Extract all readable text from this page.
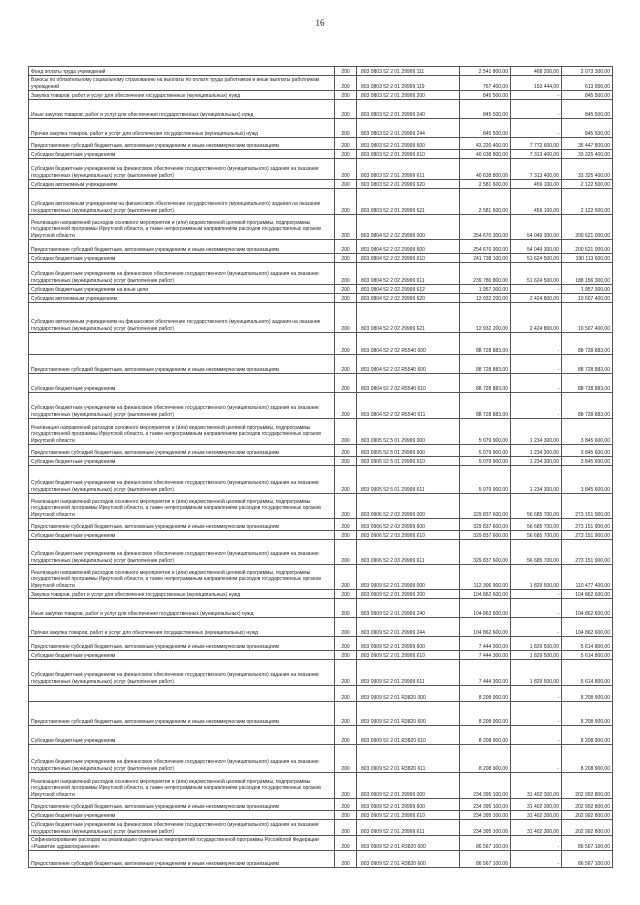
16
Фонд оплаты труда учреждений	200	803 0803 52 2 01 29999 111	2 541 800,00	468 200,00	2 073 300,00
Взносы по обязательному социальному страхованию на выплаты по оплате труда работников и иные выплаты работникам учреждений	200	803 0803 52 2 01 29999 119	767 400,00	153 444,00	613 956,00
Закупка товаров, работ и услуг для обеспечения государственных (муниципальных) нужд	200	803 0803 52 2 01 29999 200	845 500,00	-	845 500,00
Иные закупки товаров, работ и услуг для обеспечения государственных (муниципальных) нужд	200	803 0803 52 2 01 29999 240	845 500,00	-	845 500,00
Прочая закупка товаров, работ и услуг для обеспечения государственных (муниципальных) нужд	200	803 0803 52 2 01 29999 244	845 500,00	-	845 500,00
Предоставление субсидий бюджетным, автономным учреждениям и иным некоммерческим организациям	200	803 0803 52 2 01 29999 600	43 220 400,00	7 772 600,00	35 447 800,00
Субсидии бюджетным учреждениям	200	803 0803 52 2 01 29999 610	40 638 800,00	7 313 400,00	33 325 400,00
Субсидии бюджетным учреждениям на финансовое обеспечение государственного (муниципального) задания на оказание государственных (муниципальных) услуг (выполнение работ)	200	803 0803 52 2 01 29999 611	40 638 800,00	7 313 400,00	33 325 400,00
Субсидии автономным учреждениям	200	803 0803 52 2 01 29999 620	2 581 600,00	459 100,00	2 122 500,00
Субсидии автономным учреждениям на финансовое обеспечение государственного (муниципального) задания на оказание государственных (муниципальных) услуг (выполнение работ)	200	803 0803 52 2 01 29999 621	2 581 600,00	459 100,00	2 122 500,00
Реализация направлений расходов основного мероприятия и (или) ведомственной целевой программы, подпрограммы государственной программы Иркутской области, а также непрограммным направлениям расходов государственных органов Иркутской области	200	803 0804 52 2 02 29999 000	254 670 300,00	54 049 300,00	200 621 000,00
Предоставление субсидий бюджетным, автономным учреждениям и иным некоммерческим организациям	200	803 0804 52 2 02 29999 600	254 670 300,00	54 049 300,00	200 621 000,00
Субсидии бюджетным учреждениям	200	803 0804 52 2 02 29999 610	241 738 100,00	51 624 500,00	190 113 600,00
Субсидии бюджетным учреждениям на финансовое обеспечение государственного (муниципального) задания на оказание государственных (муниципальных) услуг (выполнение работ)	200	803 0804 52 2 02 29999 611	239 780 800,00	51 624 500,00	188 156 300,00
Субсидии бюджетным учреждениям на иные цели	200	803 0804 52 2 02 29999 612	1 957 300,00	-	1 957 300,00
Субсидии автономным учреждениям	200	803 0804 52 2 02 29999 620	12 932 200,00	2 424 800,00	10 507 400,00
Субсидии автономным учреждениям на финансовое обеспечение государственного (муниципального) задания на оказание государственных (муниципальных) услуг (выполнение работ)	200	803 0804 52 2 02 29999 621	12 932 200,00	2 424 800,00	10 507 400,00
	200	803 0804 52 2 02 R5540 000	88 728 883,00	-	88 728 883,00
Предоставление субсидий бюджетным, автономным учреждениям и иным некоммерческим организациям	200	803 0804 52 2 02 R5540 600	88 728 883,00	-	88 728 883,00
Субсидии бюджетным учреждениям	200	803 0804 52 2 02 R5540 610	88 728 883,00	-	88 728 883,00
Субсидии бюджетным учреждениям на финансовое обеспечение государственного (муниципального) задания на оказание государственных (муниципальных) услуг (выполнение работ)	200	803 0804 52 2 02 R5540 611	88 728 883,00	-	88 728 883,00
Реализация направлений расходов основного мероприятия и (или) ведомственной целевой программы, подпрограммы государственной программы Иркутской области, а также непрограммным направлениям расходов государственных органов Иркутской области	200	803 0905 52 5 01 29999 000	5 079 900,00	1 234 300,00	3 845 600,00
Предоставление субсидий бюджетным, автономным учреждениям и иным некоммерческим организациям	200	803 0905 52 5 01 29999 600	5 079 900,00	1 234 300,00	3 845 600,00
Субсидии бюджетным учреждениям	200	803 0905 52 5 01 29999 610	5 079 900,00	1 234 300,00	3 845 600,00
Субсидии бюджетным учреждениям на финансовое обеспечение государственного (муниципального) задания на оказание государственных (муниципальных) услуг (выполнение работ)	200	803 0905 52 5 01 29999 611	5 079 900,00	1 234 300,00	3 845 600,00
Реализация направлений расходов основного мероприятия и (или) ведомственной целевой программы, подпрограммы государственной программы Иркутской области, а также непрограммным направлениям расходов государственных органов Иркутской области	200	803 0906 52 2 03 29999 000	329 837 600,00	56 685 700,00	273 151 900,00
Предоставление субсидий бюджетным, автономным учреждениям и иным некоммерческим организациям	200	803 0906 52 2 03 29999 600	329 837 600,00	56 685 700,00	273 151 900,00
Субсидии бюджетным учреждениям	200	803 0906 52 2 03 29999 610	329 837 600,00	56 685 700,00	273 151 900,00
Субсидии бюджетным учреждениям на финансовое обеспечение государственного (муниципального) задания на оказание государственных (муниципальных) услуг (выполнение работ)	200	803 0906 52 2 03 29999 611	329 837 600,00	56 685 700,00	273 151 900,00
Реализация направлений расходов основного мероприятия и (или) ведомственной целевой программы, подпрограммы государственной программы Иркутской области, а также непрограммным направлениям расходов государственных органов Иркутской области	200	803 0909 52 2 01 29999 000	112 306 900,00	1 829 500,00	110 477 400,00
Закупка товаров, работ и услуг для обеспечения государственных (муниципальных) нужд	200	803 0909 52 2 01 29999 200	104 862 600,00	-	104 862 600,00
Иные закупки товаров, работ и услуг для обеспечения государственных (муниципальных) нужд	200	803 0909 52 2 01 29999 240	104 862 600,00	-	104 862 600,00
Прочая закупка товаров, работ и услуг для обеспечения государственных (муниципальных) нужд	200	803 0909 52 2 01 29999 244	104 862 600,00	-	104 862 600,00
Предоставление субсидий бюджетным, автономным учреждениям и иным некоммерческим организациям	200	803 0909 52 2 01 29999 600	7 444 300,00	1 829 500,00	5 614 800,00
Субсидии бюджетным учреждениям	200	803 0909 52 2 01 29999 610	7 444 300,00	1 829 500,00	5 614 800,00
Субсидии бюджетным учреждениям на финансовое обеспечение государственного (муниципального) задания на оказание государственных (муниципальных) услуг (выполнение работ)	200	803 0909 52 2 01 29999 611	7 444 300,00	1 829 500,00	5 614 800,00
	200	803 0909 52 2 01 R3820 000	8 208 900,00	-	8 208 900,00
Предоставление субсидий бюджетным, автономным учреждениям и иным некоммерческим организациям	200	803 0909 52 2 01 R3820 600	8 208 900,00	-	8 208 900,00
Субсидии бюджетным учреждениям	200	803 0909 52 2 01 R3820 610	8 208 900,00	-	8 208 900,00
Субсидии бюджетным учреждениям на финансовое обеспечение государственного (муниципального) задания на оказание государственных (муниципальных) услуг (выполнение работ)	200	803 0909 52 2 01 R3820 611	8 208 900,00	-	8 208 900,00
Реализация направлений расходов основного мероприятия и (или) ведомственной целевой программы, подпрограммы государственной программы Иркутской области, а также непрограммным направлениям расходов государственных органов Иркутской области	200	803 0909 52 2 01 29999 000	234 395 100,00	31 402 300,00	202 992 800,00
Предоставление субсидий бюджетным, автономным учреждениям и иным некоммерческим организациям	200	803 0909 52 2 01 29999 600	234 395 100,00	31 402 300,00	202 992 800,00
Субсидии бюджетным учреждениям	200	803 0909 52 2 01 29999 610	234 395 100,00	31 402 300,00	202 992 800,00
Субсидии бюджетным учреждениям на финансовое обеспечение государственного (муниципального) задания на оказание государственных (муниципальных) услуг (выполнение работ)	200	803 0909 52 2 01 29999 611	234 395 100,00	31 402 300,00	202 992 800,00
Софинансирование расходов на реализацию отдельных мероприятий государственной программы Российской Федерации «Развитие здравоохранения»	200	803 0909 52 2 01 R3820 000	86 567 100,00	-	86 567 100,00
Предоставление субсидий бюджетным, автономным учреждениям и иным некоммерческим организациям	200	803 0909 52 2 01 R3820 600	86 567 100,00	-	86 567 100,00
